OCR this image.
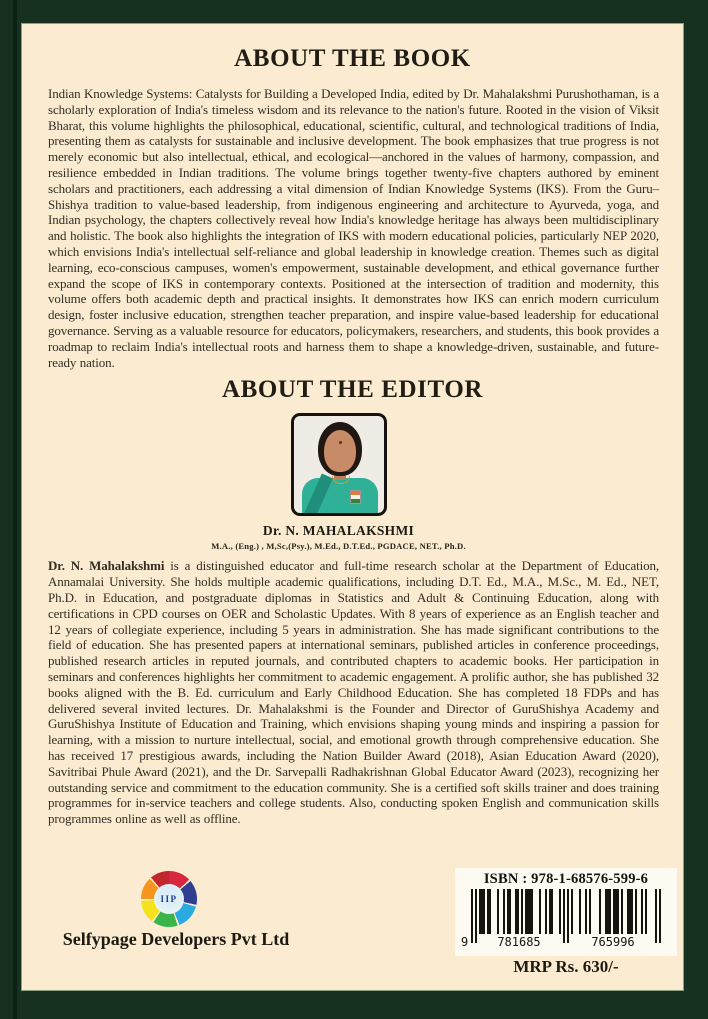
ABOUT THE BOOK

Indian Knowledge Systems: Catalysts for Building a Developed India, edited by Dr. Mahalakshmi Purushothaman, is a scholarly exploration of India's timeless wisdom and its relevance to the nation's future. Rooted in the vision of Viksit Bharat, this volume highlights the philosophical, educational, scientific, cultural, and technological traditions of India, presenting them as catalysts for sustainable and inclusive development. The book emphasizes that true progress is not merely economic but also intellectual, ethical, and ecological—anchored in the values of harmony, compassion, and resilience embedded in Indian traditions. The volume brings together twenty-five chapters authored by eminent scholars and practitioners, each addressing a vital dimension of Indian Knowledge Systems (IKS). From the Guru–Shishya tradition to value-based leadership, from indigenous engineering and architecture to Ayurveda, yoga, and Indian psychology, the chapters collectively reveal how India's knowledge heritage has always been multidisciplinary and holistic. The book also highlights the integration of IKS with modern educational policies, particularly NEP 2020, which envisions India's intellectual self-reliance and global leadership in knowledge creation. Themes such as digital learning, eco-conscious campuses, women's empowerment, sustainable development, and ethical governance further expand the scope of IKS in contemporary contexts. Positioned at the intersection of tradition and modernity, this volume offers both academic depth and practical insights. It demonstrates how IKS can enrich modern curriculum design, foster inclusive education, strengthen teacher preparation, and inspire value-based leadership for educational governance. Serving as a valuable resource for educators, policymakers, researchers, and students, this book provides a roadmap to reclaim India's intellectual roots and harness them to shape a knowledge-driven, sustainable, and future-ready nation.

ABOUT THE EDITOR
Dr. N. MAHALAKSHMI
M.A., (Eng.) , M,Sc,(Psy.), M.Ed., D.T.Ed., PGDACE, NET., Ph.D.

Dr. N. Mahalakshmi is a distinguished educator and full-time research scholar at the Department of Education, Annamalai University. She holds multiple academic qualifications, including D.T. Ed., M.A., M.Sc., M. Ed., NET, Ph.D. in Education, and postgraduate diplomas in Statistics and Adult & Continuing Education, along with certifications in CPD courses on OER and Scholastic Updates. With 8 years of experience as an English teacher and 12 years of collegiate experience, including 5 years in administration. She has made significant contributions to the field of education. She has presented papers at international seminars, published articles in conference proceedings, published research articles in reputed journals, and contributed chapters to academic books. Her participation in seminars and conferences highlights her commitment to academic engagement. A prolific author, she has published 32 books aligned with the B. Ed. curriculum and Early Childhood Education. She has completed 18 FDPs and has delivered several invited lectures. Dr. Mahalakshmi is the Founder and Director of GuruShishya Academy and GuruShishya Institute of Education and Training, which envisions shaping young minds and inspiring a passion for learning, with a mission to nurture intellectual, social, and emotional growth through comprehensive education. She has received 17 prestigious awards, including the Nation Builder Award (2018), Asian Education Award (2020), Savitribai Phule Award (2021), and the Dr. Sarvepalli Radhakrishnan Global Educator Award (2023), recognizing her outstanding service and commitment to the education community. She is a certified soft skills trainer and does training programmes for in-service teachers and college students. Also, conducting spoken English and communication skills programmes online as well as offline.

IIP
Selfypage Developers Pvt Ltd
ISBN : 978-1-68576-599-6
9 781685	765996
MRP Rs. 630/-
